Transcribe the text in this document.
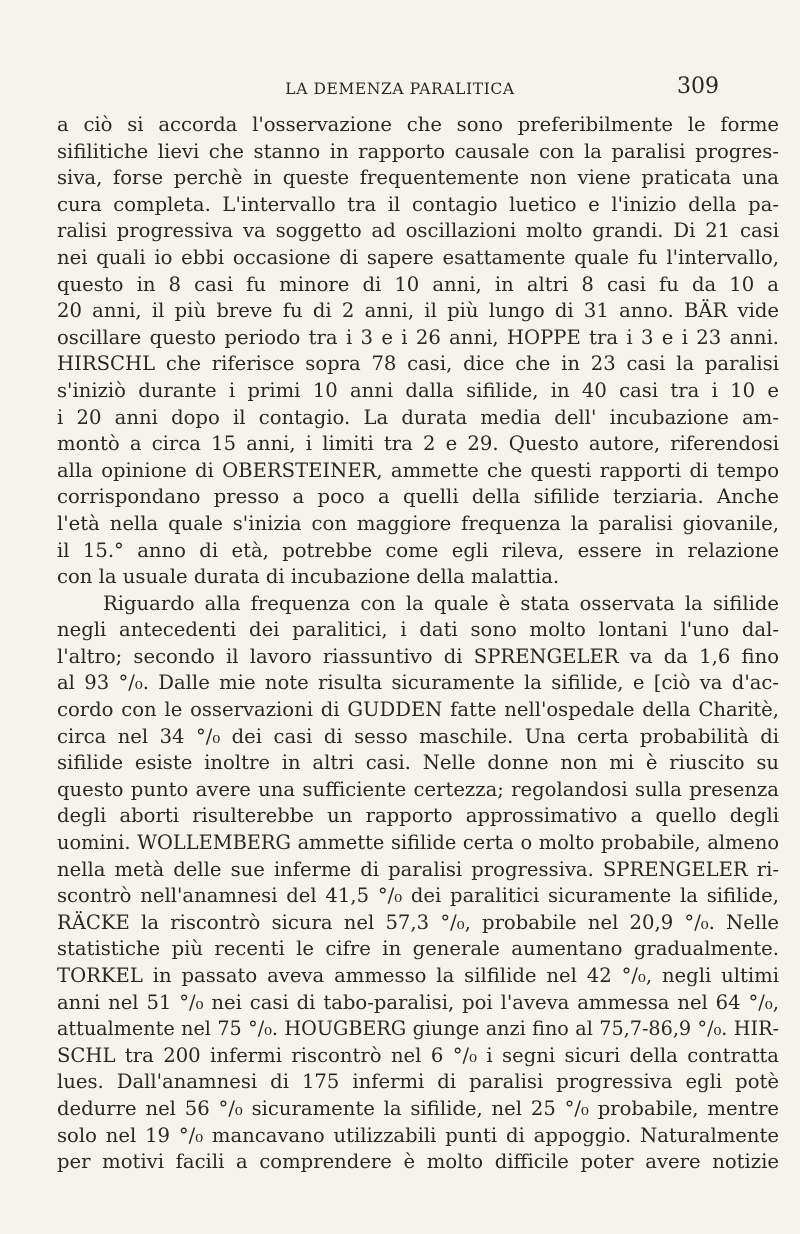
LA DEMENZA PARALITICA	309
a ciò si accorda l'osservazione che sono preferibilmente le forme
sifilitiche lievi che stanno in rapporto causale con la paralisi progres-
siva, forse perchè in queste frequentemente non viene praticata una
cura completa. L'intervallo tra il contagio luetico e l'inizio della pa-
ralisi progressiva va soggetto ad oscillazioni molto grandi. Di 21 casi
nei quali io ebbi occasione di sapere esattamente quale fu l'intervallo,
questo in 8 casi fu minore di 10 anni, in altri 8 casi fu da 10 a
20 anni, il più breve fu di 2 anni, il più lungo di 31 anno. BÄR vide
oscillare questo periodo tra i 3 e i 26 anni, HOPPE tra i 3 e i 23 anni.
HIRSCHL che riferisce sopra 78 casi, dice che in 23 casi la paralisi
s'iniziò durante i primi 10 anni dalla sifilide, in 40 casi tra i 10 e
i 20 anni dopo il contagio. La durata media dell' incubazione am-
montò a circa 15 anni, i limiti tra 2 e 29. Questo autore, riferendosi
alla opinione di OBERSTEINER, ammette che questi rapporti di tempo
corrispondano presso a poco a quelli della sifilide terziaria. Anche
l'età nella quale s'inizia con maggiore frequenza la paralisi giovanile,
il 15.° anno di età, potrebbe come egli rileva, essere in relazione
con la usuale durata di incubazione della malattia.
Riguardo alla frequenza con la quale è stata osservata la sifilide
negli antecedenti dei paralitici, i dati sono molto lontani l'uno dal-
l'altro; secondo il lavoro riassuntivo di SPRENGELER va da 1,6 fino
al 93 °/₀. Dalle mie note risulta sicuramente la sifilide, e [ciò va d'ac-
cordo con le osservazioni di GUDDEN fatte nell'ospedale della Charitè,
circa nel 34 °/₀ dei casi di sesso maschile. Una certa probabilità di
sifilide esiste inoltre in altri casi. Nelle donne non mi è riuscito su
questo punto avere una sufficiente certezza; regolandosi sulla presenza
degli aborti risulterebbe un rapporto approssimativo a quello degli
uomini. WOLLEMBERG ammette sifilide certa o molto probabile, almeno
nella metà delle sue inferme di paralisi progressiva. SPRENGELER ri-
scontrò nell'anamnesi del 41,5 °/₀ dei paralitici sicuramente la sifilide,
RÄCKE la riscontrò sicura nel 57,3 °/₀, probabile nel 20,9 °/₀. Nelle
statistiche più recenti le cifre in generale aumentano gradualmente.
TORKEL in passato aveva ammesso la silfilide nel 42 °/₀, negli ultimi
anni nel 51 °/₀ nei casi di tabo-paralisi, poi l'aveva ammessa nel 64 °/₀,
attualmente nel 75 °/₀. HOUGBERG giunge anzi fino al 75,7-86,9 °/₀. HIR-
SCHL tra 200 infermi riscontrò nel 6 °/₀ i segni sicuri della contratta
lues. Dall'anamnesi di 175 infermi di paralisi progressiva egli potè
dedurre nel 56 °/₀ sicuramente la sifilide, nel 25 °/₀ probabile, mentre
solo nel 19 °/₀ mancavano utilizzabili punti di appoggio. Naturalmente
per motivi facili a comprendere è molto difficile poter avere notizie
